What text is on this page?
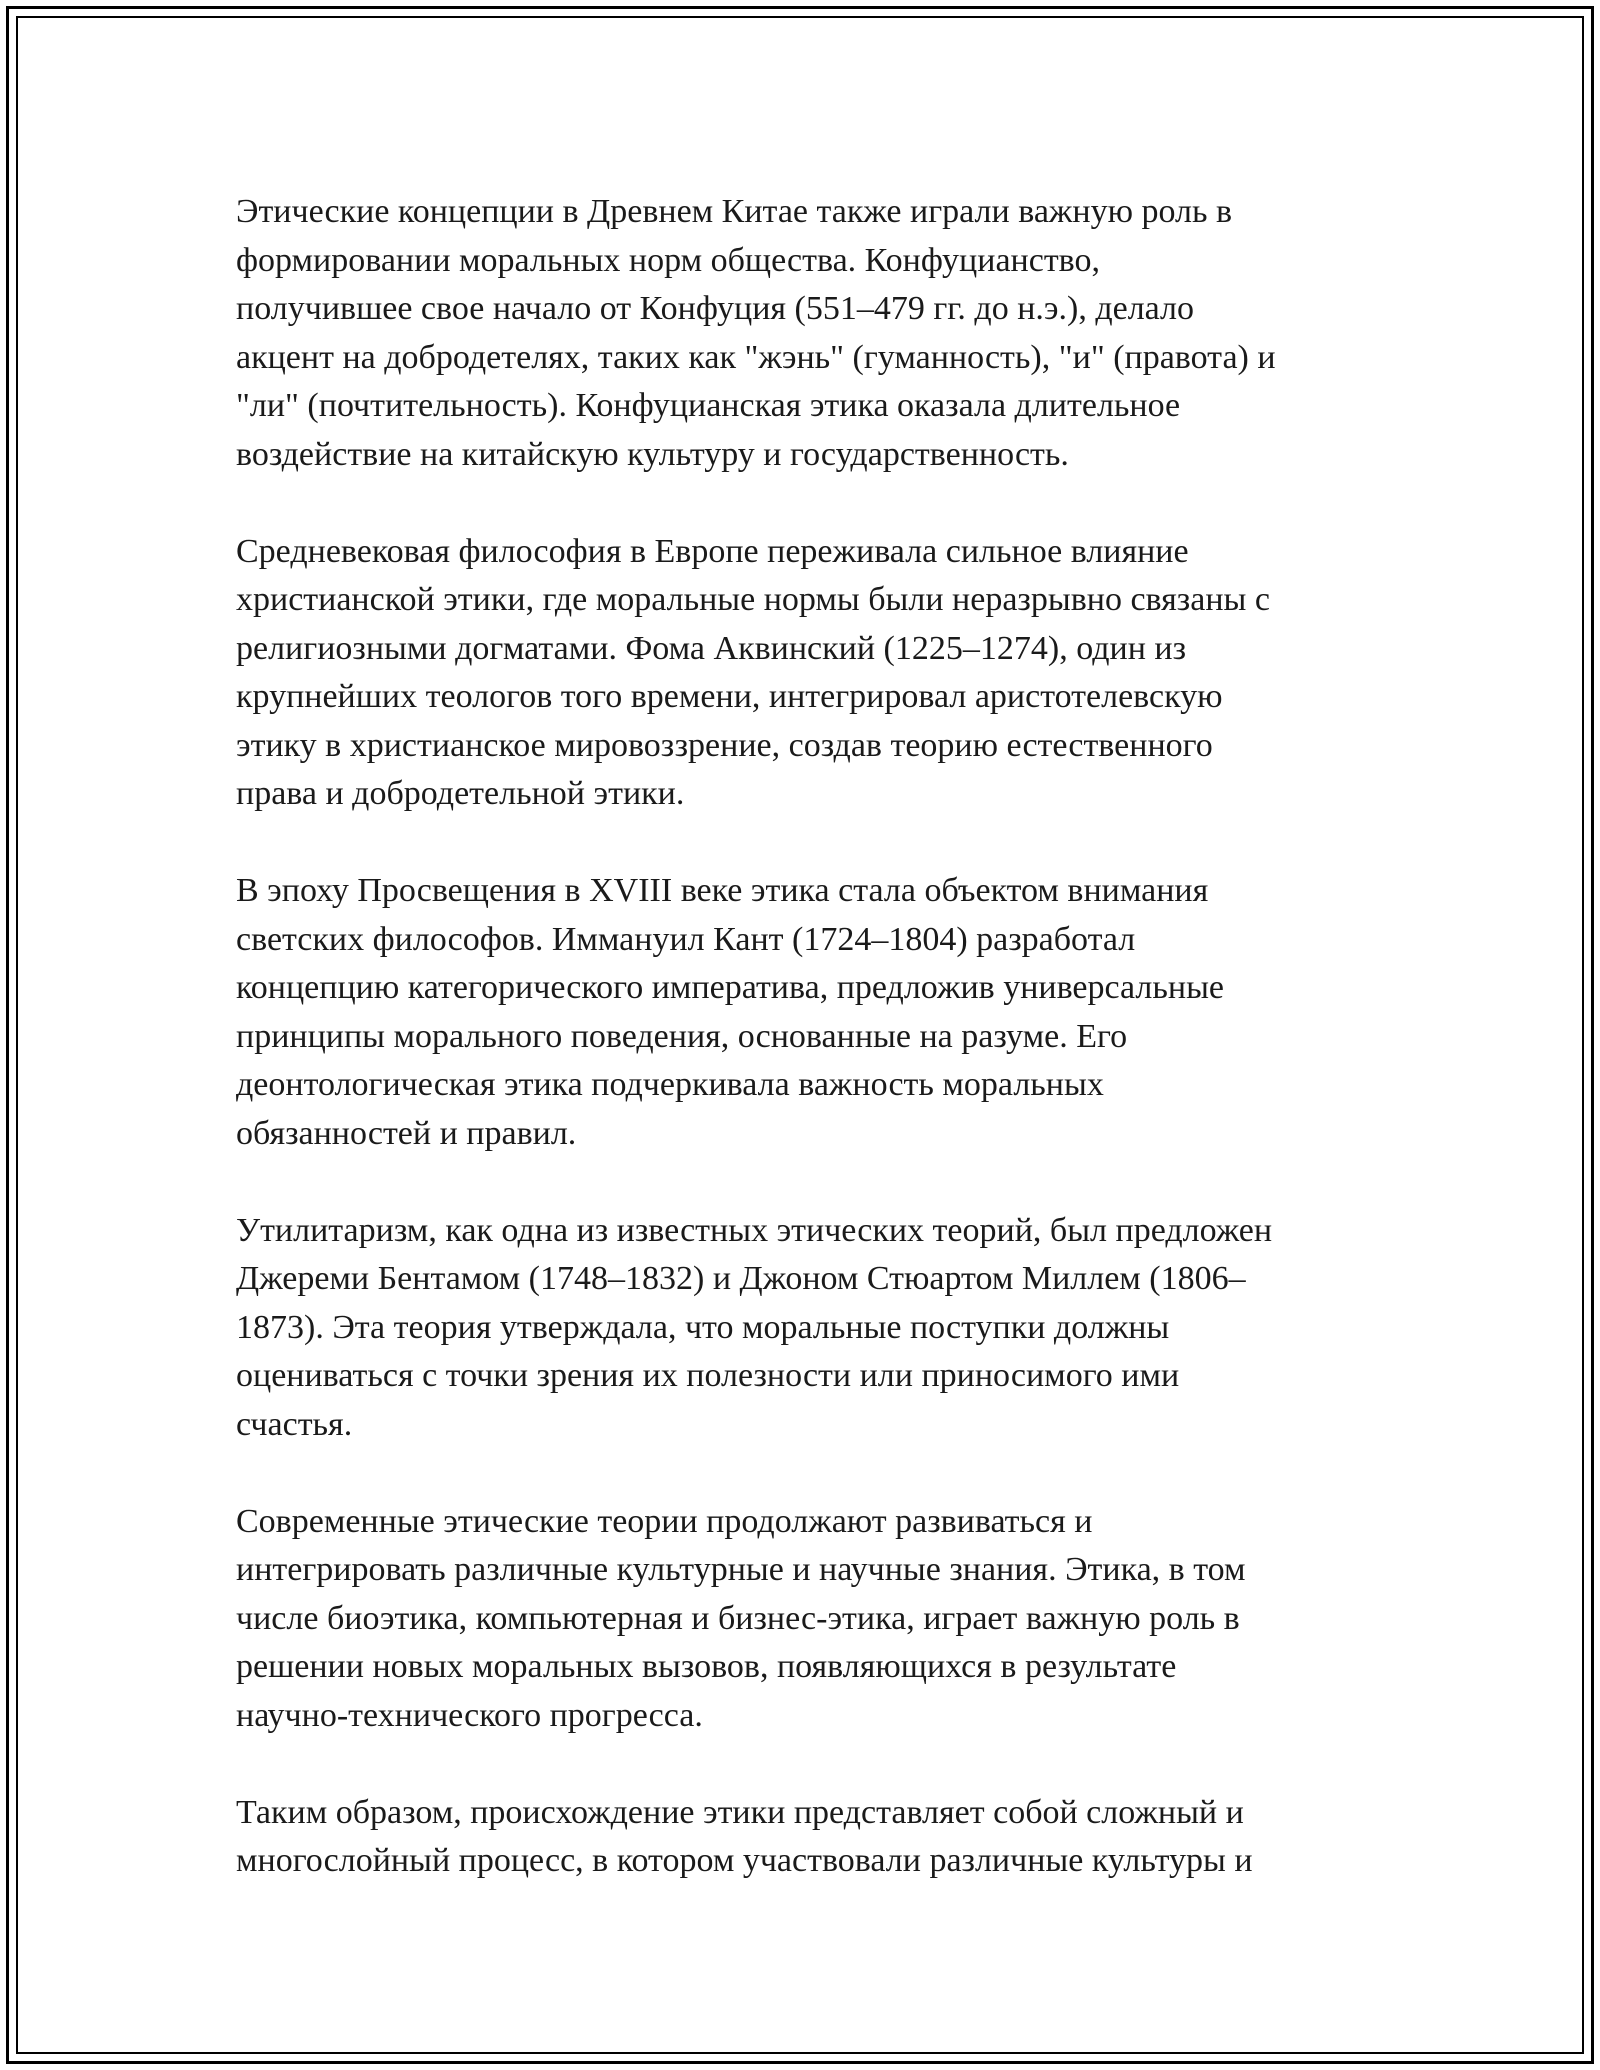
Этические концепции в Древнем Китае также играли важную роль в
формировании моральных норм общества. Конфуцианство,
получившее свое начало от Конфуция (551–479 гг. до н.э.), делало
акцент на добродетелях, таких как "жэнь" (гуманность), "и" (правота) и
"ли" (почтительность). Конфуцианская этика оказала длительное
воздействие на китайскую культуру и государственность.

Средневековая философия в Европе переживала сильное влияние
христианской этики, где моральные нормы были неразрывно связаны с
религиозными догматами. Фома Аквинский (1225–1274), один из
крупнейших теологов того времени, интегрировал аристотелевскую
этику в христианское мировоззрение, создав теорию естественного
права и добродетельной этики.

В эпоху Просвещения в XVIII веке этика стала объектом внимания
светских философов. Иммануил Кант (1724–1804) разработал
концепцию категорического императива, предложив универсальные
принципы морального поведения, основанные на разуме. Его
деонтологическая этика подчеркивала важность моральных
обязанностей и правил.

Утилитаризм, как одна из известных этических теорий, был предложен
Джереми Бентамом (1748–1832) и Джоном Стюартом Миллем (1806–
1873). Эта теория утверждала, что моральные поступки должны
оцениваться с точки зрения их полезности или приносимого ими
счастья.

Современные этические теории продолжают развиваться и
интегрировать различные культурные и научные знания. Этика, в том
числе биоэтика, компьютерная и бизнес-этика, играет важную роль в
решении новых моральных вызовов, появляющихся в результате
научно-технического прогресса.

Таким образом, происхождение этики представляет собой сложный и
многослойный процесс, в котором участвовали различные культуры и
